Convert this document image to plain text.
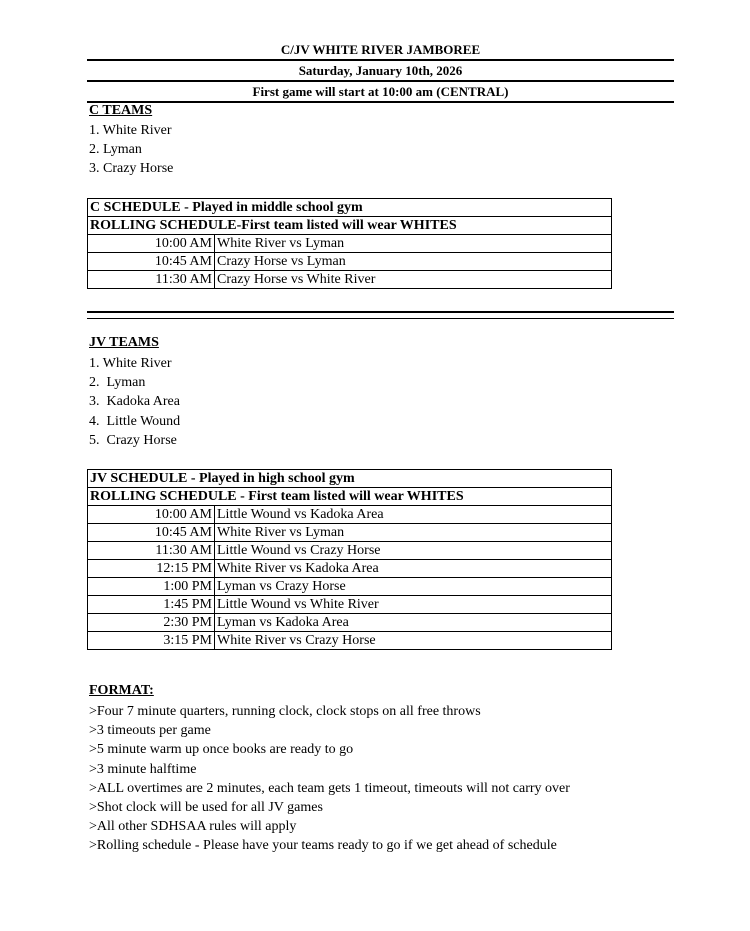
C/JV WHITE RIVER JAMBOREE
Saturday, January 10th, 2026
First game will start at 10:00 am (CENTRAL)
C TEAMS
1. White River
2. Lyman
3. Crazy Horse
C SCHEDULE - Played in middle school gym	
ROLLING SCHEDULE-First team listed will wear WHITES	
10:00 AM	White River vs Lyman
10:45 AM	Crazy Horse vs Lyman
11:30 AM	Crazy Horse vs White River
JV TEAMS
1. White River
2.  Lyman
3.  Kadoka Area
4.  Little Wound
5.  Crazy Horse
JV SCHEDULE - Played in high school gym	
ROLLING SCHEDULE - First team listed will wear WHITES	
10:00 AM	Little Wound vs Kadoka Area
10:45 AM	White River vs Lyman
11:30 AM	Little Wound vs Crazy Horse
12:15 PM	White River vs Kadoka Area
1:00 PM	Lyman vs Crazy Horse
1:45 PM	Little Wound vs White River
2:30 PM	Lyman vs Kadoka Area
3:15 PM	White River vs Crazy Horse
FORMAT:
>Four 7 minute quarters, running clock, clock stops on all free throws
>3 timeouts per game
>5 minute warm up once books are ready to go
>3 minute halftime
>ALL overtimes are 2 minutes, each team gets 1 timeout, timeouts will not carry over
>Shot clock will be used for all JV games
>All other SDHSAA rules will apply
>Rolling schedule - Please have your teams ready to go if we get ahead of schedule
